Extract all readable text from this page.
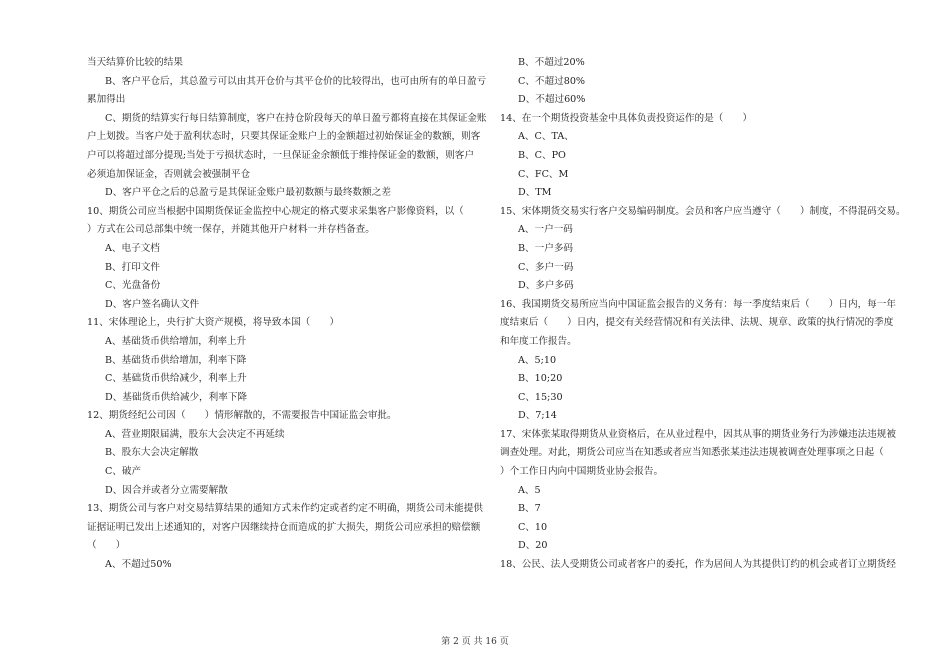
当天结算价比较的结果
B、客户平仓后，其总盈亏可以由其开仓价与其平仓价的比较得出，也可由所有的单日盈亏
累加得出
C、期货的结算实行每日结算制度，客户在持仓阶段每天的单日盈亏都将直接在其保证金账
户上划拨。当客户处于盈利状态时，只要其保证金账户上的金额超过初始保证金的数额，则客
户可以将超过部分提现;当处于亏损状态时，一旦保证金余额低于维持保证金的数额，则客户
必须追加保证金，否则就会被强制平仓
D、客户平仓之后的总盈亏是其保证金账户最初数额与最终数额之差
10、期货公司应当根据中国期货保证金监控中心规定的格式要求采集客户影像资料，以（
）方式在公司总部集中统一保存，并随其他开户材料一并存档备查。
A、电子文档
B、打印文件
C、光盘备份
D、客户签名确认文件
11、宋体理论上，央行扩大资产规模，将导致本国（　　）
A、基础货币供给增加，利率上升
B、基础货币供给增加，利率下降
C、基础货币供给减少，利率上升
D、基础货币供给减少，利率下降
12、期货经纪公司因（　　）情形解散的，不需要报告中国证监会审批。
A、营业期限届满，股东大会决定不再延续
B、股东大会决定解散
C、破产
D、因合并或者分立需要解散
13、期货公司与客户对交易结算结果的通知方式未作约定或者约定不明确，期货公司未能提供
证据证明已发出上述通知的，对客户因继续持仓而造成的扩大损失，期货公司应承担的赔偿额
（　　）
A、不超过50%
B、不超过20%
C、不超过80%
D、不超过60%
14、在一个期货投资基金中具体负责投资运作的是（　　）
A、C、TA、
B、C、PO
C、FC、M
D、TM
15、宋体期货交易实行客户交易编码制度。会员和客户应当遵守（　　）制度，不得混码交易。
A、一户一码
B、一户多码
C、多户一码
D、多户多码
16、我国期货交易所应当向中国证监会报告的义务有：每一季度结束后（　　）日内，每一年
度结束后（　　）日内，提交有关经营情况和有关法律、法规、规章、政策的执行情况的季度
和年度工作报告。
A、5;10
B、10;20
C、15;30
D、7;14
17、宋体张某取得期货从业资格后，在从业过程中，因其从事的期货业务行为涉嫌违法违规被
调查处理。对此，期货公司应当在知悉或者应当知悉张某违法违规被调查处理事项之日起（
）个工作日内向中国期货业协会报告。
A、5
B、7
C、10
D、20
18、公民、法人受期货公司或者客户的委托，作为居间人为其提供订约的机会或者订立期货经
第 2 页 共 16 页
